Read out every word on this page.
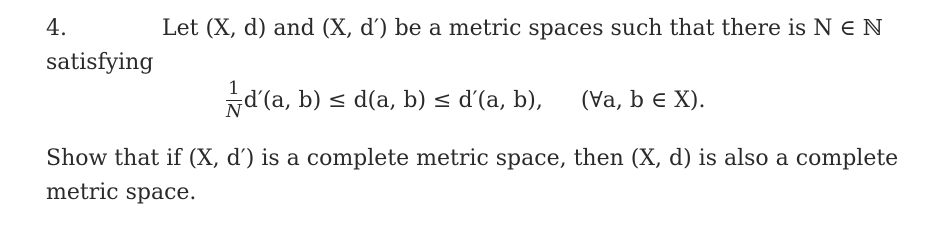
4.	Let (X, d) and (X, d′) be a metric spaces such that there is N ∈ ℕ
satisfying
$\frac{1}{N} d'(a$, b) ≤ d(a, b) ≤ d′(a, b), (∀a, b ∈ X).
Show that if (X, d′) is a complete metric space, then (X, d) is also a complete
metric space.
